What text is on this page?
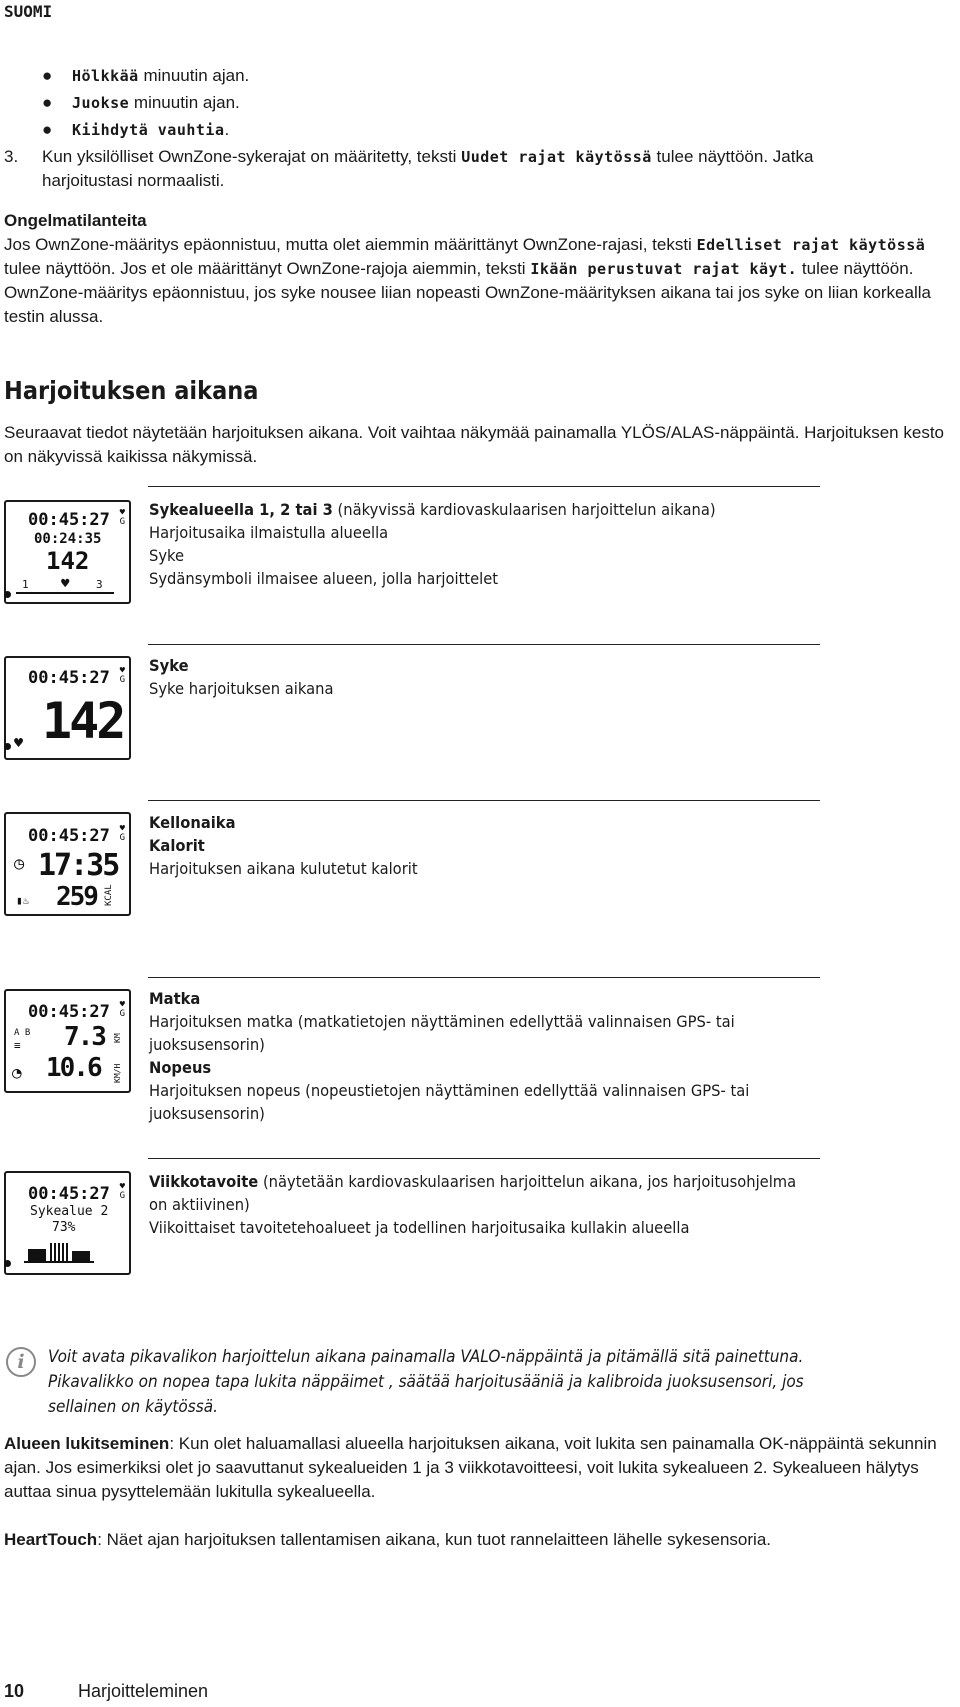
SUOMI
● Hölkkää minuutin ajan.
● Juokse minuutin ajan.
● Kiihdytä vauhtia.
3. Kun yksilölliset OwnZone-sykerajat on määritetty, teksti Uudet rajat käytössä tulee näyttöön. Jatka
harjoitustasi normaalisti.
Ongelmatilanteita
Jos OwnZone-määritys epäonnistuu, mutta olet aiemmin määrittänyt OwnZone-rajasi, teksti Edelliset rajat käytössä tulee näyttöön. Jos et ole määrittänyt OwnZone-rajoja aiemmin, teksti Ikään perustuvat rajat käyt. tulee näyttöön. OwnZone-määritys epäonnistuu, jos syke nousee liian nopeasti OwnZone-määrityksen aikana tai jos syke on liian korkealla testin alussa.
Harjoituksen aikana
Seuraavat tiedot näytetään harjoituksen aikana. Voit vaihtaa näkymää painamalla YLÖS/ALAS-näppäintä. Harjoituksen kesto on näkyvissä kaikissa näkymissä.
00:45:27 ♥
G
00:24:35
142
1 ♥ 3
Sykealueella 1, 2 tai 3 (näkyvissä kardiovaskulaarisen harjoittelun aikana)
Harjoitusaika ilmaistulla alueella
Syke
Sydänsymboli ilmaisee alueen, jolla harjoittelet
00:45:27 ♥
G
142
♥
Syke
Syke harjoituksen aikana
00:45:27 ♥
G
◷ 17:35
259 KCAL
▮♨
Kellonaika
Kalorit
Harjoituksen aikana kulutetut kalorit
00:45:27 ♥
G
A B
≡ 7.3 KM
◔ 10.6 KM/H
Matka
Harjoituksen matka (matkatietojen näyttäminen edellyttää valinnaisen GPS- tai
juoksusensorin)
Nopeus
Harjoituksen nopeus (nopeustietojen näyttäminen edellyttää valinnaisen GPS- tai
juoksusensorin)
00:45:27 ♥
G
Sykealue 2
73%
Viikkotavoite (näytetään kardiovaskulaarisen harjoittelun aikana, jos harjoitusohjelma
on aktiivinen)
Viikoittaiset tavoitetehoalueet ja todellinen harjoitusaika kullakin alueella
i	Voit avata pikavalikon harjoittelun aikana painamalla VALO-näppäintä ja pitämällä sitä painettuna. Pikavalikko on nopea tapa lukita näppäimet , säätää harjoitusääniä ja kalibroida juoksusensori, jos sellainen on käytössä.
Alueen lukitseminen: Kun olet haluamallasi alueella harjoituksen aikana, voit lukita sen painamalla OK-näppäintä sekunnin ajan. Jos esimerkiksi olet jo saavuttanut sykealueiden 1 ja 3 viikkotavoitteesi, voit lukita sykealueen 2. Sykealueen hälytys auttaa sinua pysyttelemään lukitulla sykealueella.
HeartTouch: Näet ajan harjoituksen tallentamisen aikana, kun tuot rannelaitteen lähelle sykesensoria.
10	Harjoitteleminen
